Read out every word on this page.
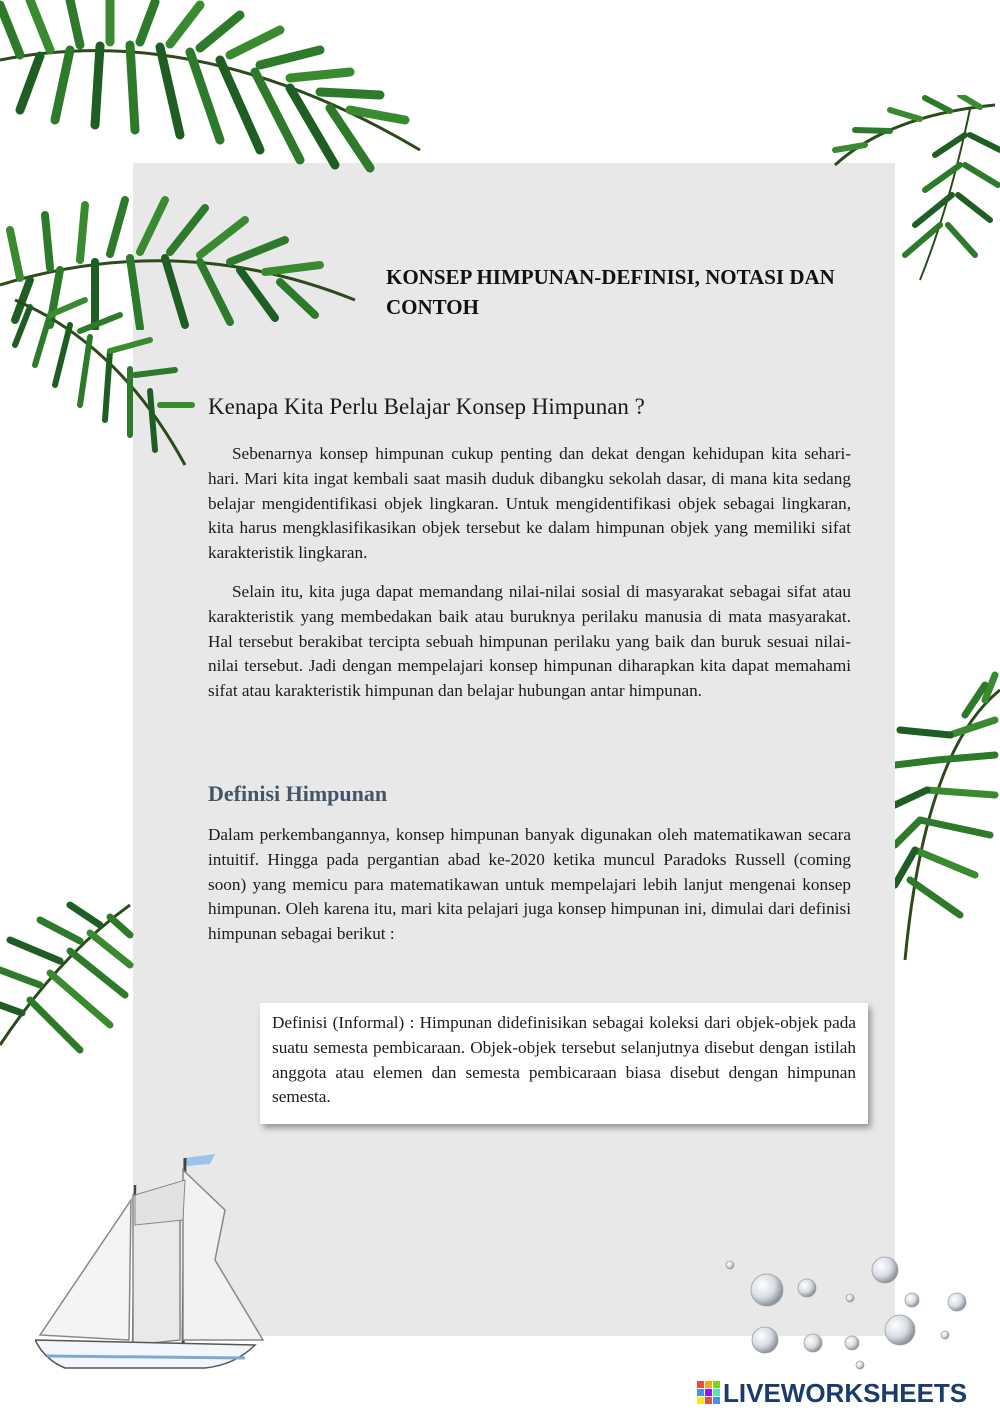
KONSEP HIMPUNAN-DEFINISI, NOTASI DAN CONTOH
Kenapa Kita Perlu Belajar Konsep Himpunan ?

Sebenarnya konsep himpunan cukup penting dan dekat dengan kehidupan kita sehari-hari. Mari kita ingat kembali saat masih duduk dibangku sekolah dasar, di mana kita sedang belajar mengidentifikasi objek lingkaran. Untuk mengidentifikasi objek sebagai lingkaran, kita harus mengklasifikasikan objek tersebut ke dalam himpunan objek yang memiliki sifat karakteristik lingkaran.

Selain itu, kita juga dapat memandang nilai-nilai sosial di masyarakat sebagai sifat atau karakteristik yang membedakan baik atau buruknya perilaku manusia di mata masyarakat. Hal tersebut berakibat tercipta sebuah himpunan perilaku yang baik dan buruk sesuai nilai-nilai tersebut. Jadi dengan mempelajari konsep himpunan diharapkan kita dapat memahami sifat atau karakteristik himpunan dan belajar hubungan antar himpunan.

Definisi Himpunan

Dalam perkembangannya, konsep himpunan banyak digunakan oleh matematikawan secara intuitif. Hingga pada pergantian abad ke-2020 ketika muncul Paradoks Russell (coming soon) yang memicu para matematikawan untuk mempelajari lebih lanjut mengenai konsep himpunan. Oleh karena itu, mari kita pelajari juga konsep himpunan ini, dimulai dari definisi himpunan sebagai berikut :

Definisi (Informal) : Himpunan didefinisikan sebagai koleksi dari objek-objek pada suatu semesta pembicaraan. Objek-objek tersebut selanjutnya disebut dengan istilah anggota atau elemen dan semesta pembicaraan biasa disebut dengan himpunan semesta.

LIVEWORKSHEETS
